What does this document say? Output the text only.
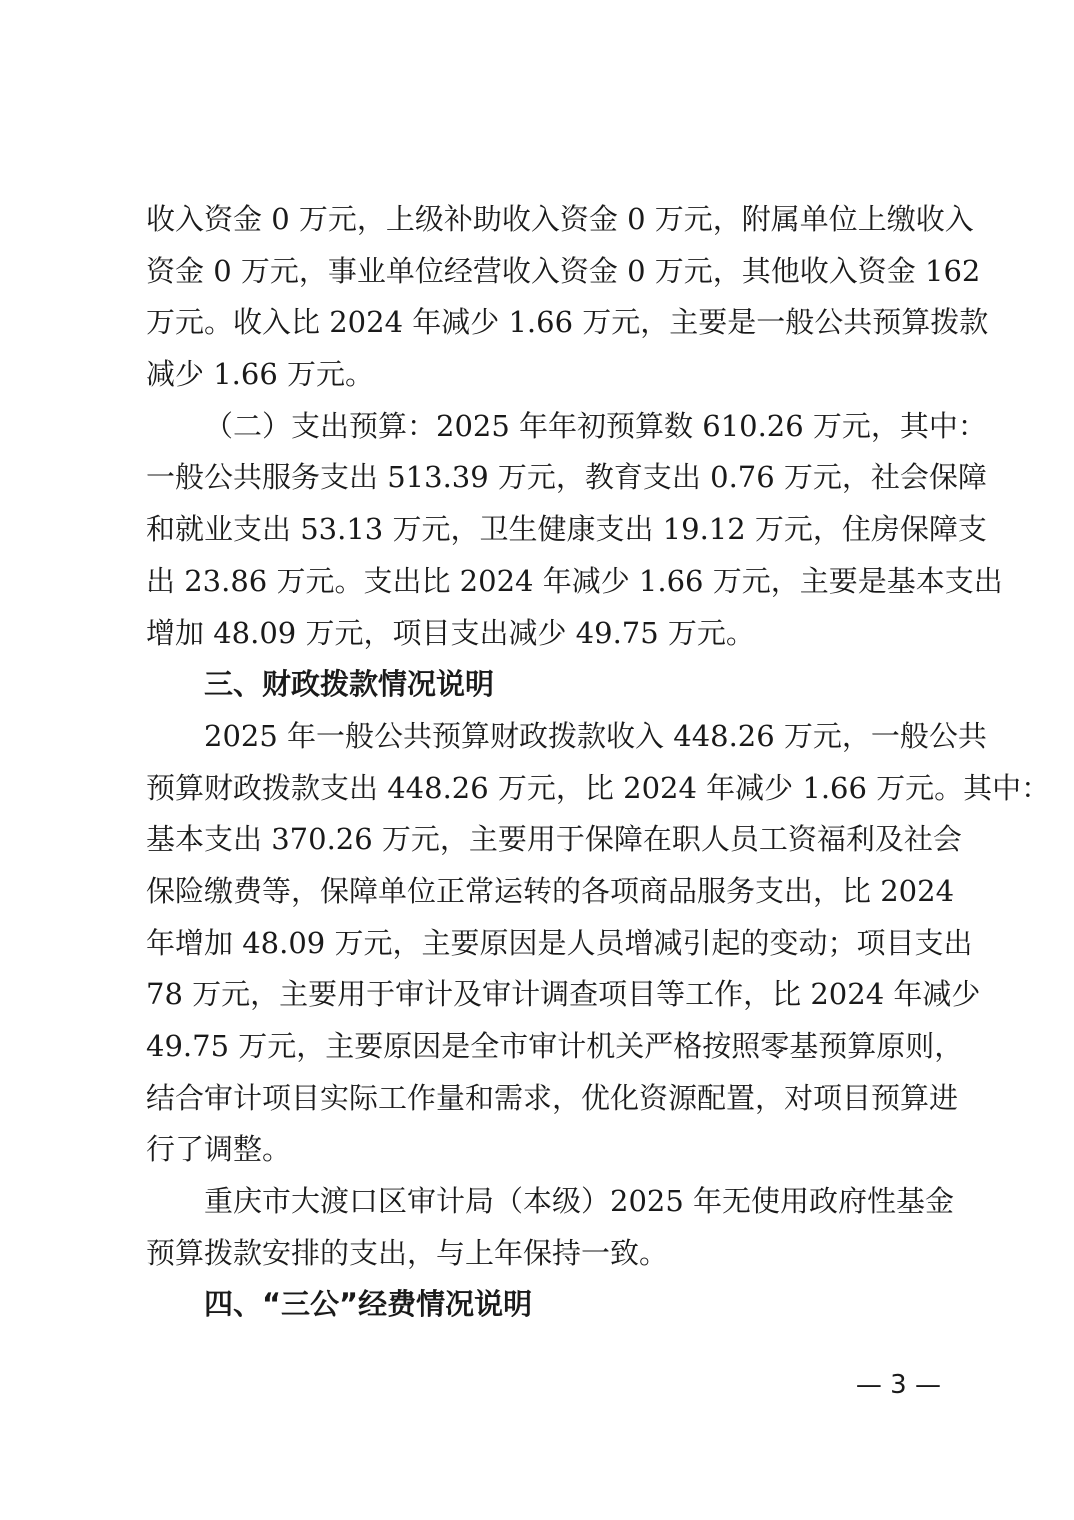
收入资金 0 万元，上级补助收入资金 0 万元，附属单位上缴收入
资金 0 万元，事业单位经营收入资金 0 万元，其他收入资金 162
万元。收入比 2024 年减少 1.66 万元，主要是一般公共预算拨款
减少 1.66 万元。
（二）支出预算：2025 年年初预算数 610.26 万元，其中：
一般公共服务支出 513.39 万元，教育支出 0.76 万元，社会保障
和就业支出 53.13 万元，卫生健康支出 19.12 万元，住房保障支
出 23.86 万元。支出比 2024 年减少 1.66 万元，主要是基本支出
增加 48.09 万元，项目支出减少 49.75 万元。
三、财政拨款情况说明
2025 年一般公共预算财政拨款收入 448.26 万元，一般公共
预算财政拨款支出 448.26 万元，比 2024 年减少 1.66 万元。其中：
基本支出 370.26 万元，主要用于保障在职人员工资福利及社会
保险缴费等，保障单位正常运转的各项商品服务支出，比 2024
年增加 48.09 万元，主要原因是人员增减引起的变动；项目支出
78 万元，主要用于审计及审计调查项目等工作，比 2024 年减少
49.75 万元，主要原因是全市审计机关严格按照零基预算原则，
结合审计项目实际工作量和需求，优化资源配置，对项目预算进
行了调整。
重庆市大渡口区审计局（本级）2025 年无使用政府性基金
预算拨款安排的支出，与上年保持一致。
四、“三公”经费情况说明
— 3 —
